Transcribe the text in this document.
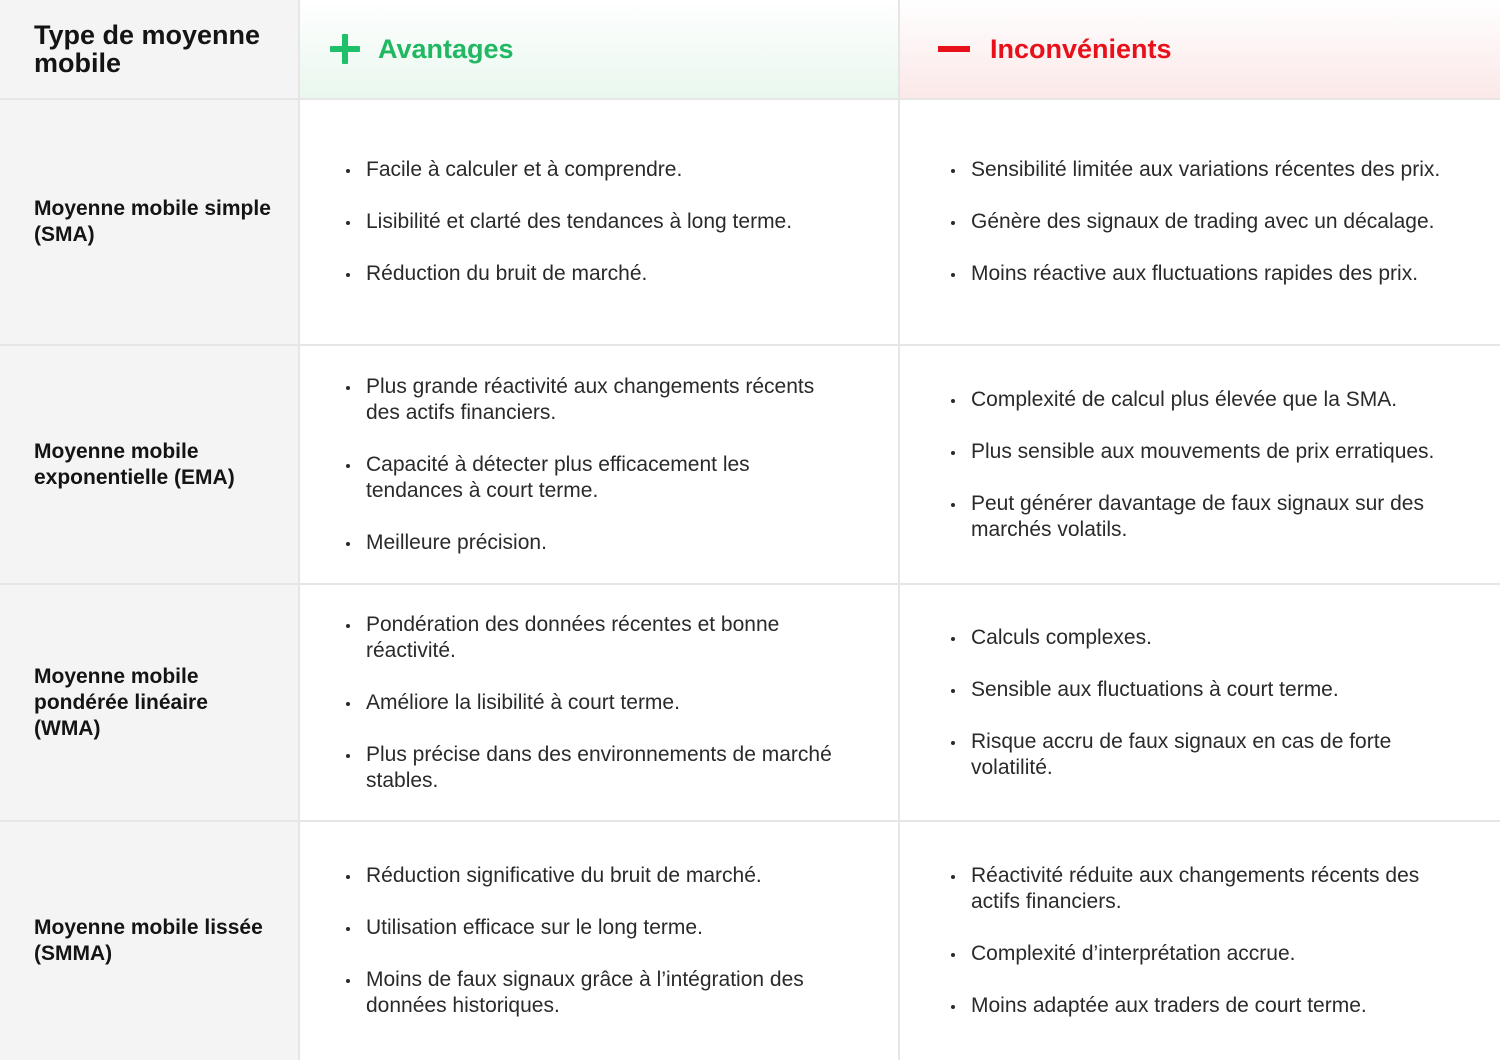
Type de moyenne mobile	Avantages	Inconvénients
Moyenne mobile simple (SMA)
Facile à calculer et à comprendre.
Lisibilité et clarté des tendances à long terme.
Réduction du bruit de marché.
Sensibilité limitée aux variations récentes des prix.
Génère des signaux de trading avec un décalage.
Moins réactive aux fluctuations rapides des prix.
Moyenne mobile exponentielle (EMA)
Plus grande réactivité aux changements récents des actifs financiers.
Capacité à détecter plus efficacement les tendances à court terme.
Meilleure précision.
Complexité de calcul plus élevée que la SMA.
Plus sensible aux mouvements de prix erratiques.
Peut générer davantage de faux signaux sur des marchés volatils.
Moyenne mobile pondérée linéaire (WMA)
Pondération des données récentes et bonne réactivité.
Améliore la lisibilité à court terme.
Plus précise dans des environnements de marché stables.
Calculs complexes.
Sensible aux fluctuations à court terme.
Risque accru de faux signaux en cas de forte volatilité.
Moyenne mobile lissée (SMMA)
Réduction significative du bruit de marché.
Utilisation efficace sur le long terme.
Moins de faux signaux grâce à l’intégration des données historiques.
Réactivité réduite aux changements récents des actifs financiers.
Complexité d’interprétation accrue.
Moins adaptée aux traders de court terme.
